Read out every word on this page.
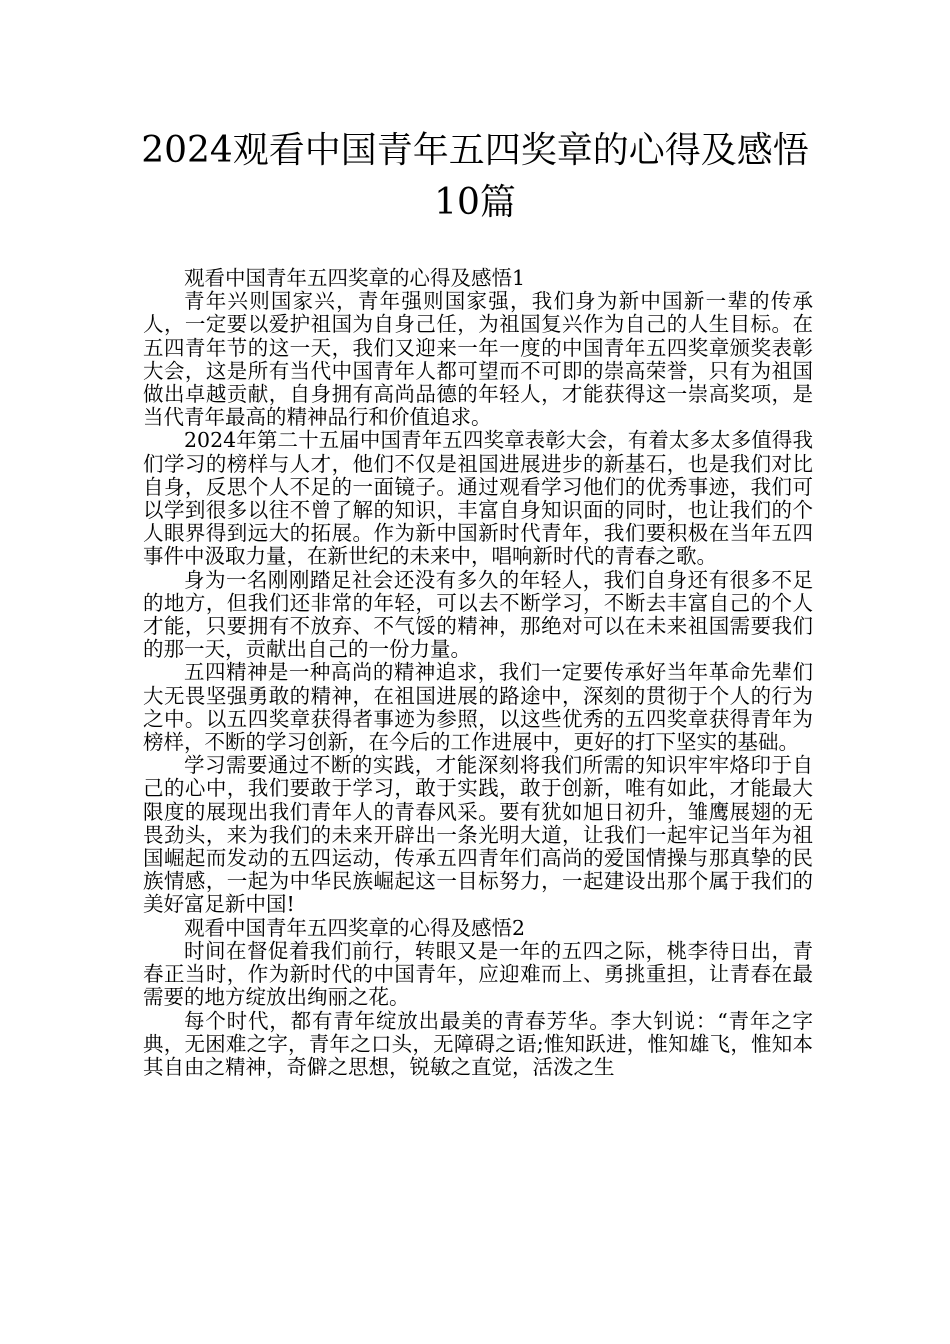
2024观看中国青年五四奖章的心得及感悟
10篇

观看中国青年五四奖章的心得及感悟1

青年兴则国家兴，青年强则国家强，我们身为新中国新一辈的传承人，一定要以爱护祖国为自身己任，为祖国复兴作为自己的人生目标。在五四青年节的这一天，我们又迎来一年一度的中国青年五四奖章颁奖表彰大会，这是所有当代中国青年人都可望而不可即的崇高荣誉，只有为祖国做出卓越贡献，自身拥有高尚品德的年轻人，才能获得这一崇高奖项，是当代青年最高的精神品行和价值追求。

2024年第二十五届中国青年五四奖章表彰大会，有着太多太多值得我们学习的榜样与人才，他们不仅是祖国进展进步的新基石，也是我们对比自身，反思个人不足的一面镜子。通过观看学习他们的优秀事迹，我们可以学到很多以往不曾了解的知识，丰富自身知识面的同时，也让我们的个人眼界得到远大的拓展。作为新中国新时代青年，我们要积极在当年五四事件中汲取力量，在新世纪的未来中，唱响新时代的青春之歌。

身为一名刚刚踏足社会还没有多久的年轻人，我们自身还有很多不足的地方，但我们还非常的年轻，可以去不断学习，不断去丰富自己的个人才能，只要拥有不放弃、不气馁的精神，那绝对可以在未来祖国需要我们的那一天，贡献出自己的一份力量。

五四精神是一种高尚的精神追求，我们一定要传承好当年革命先辈们大无畏坚强勇敢的精神，在祖国进展的路途中，深刻的贯彻于个人的行为之中。以五四奖章获得者事迹为参照，以这些优秀的五四奖章获得青年为榜样，不断的学习创新，在今后的工作进展中，更好的打下坚实的基础。

学习需要通过不断的实践，才能深刻将我们所需的知识牢牢烙印于自己的心中，我们要敢于学习，敢于实践，敢于创新，唯有如此，才能最大限度的展现出我们青年人的青春风采。要有犹如旭日初升，雏鹰展翅的无畏劲头，来为我们的未来开辟出一条光明大道，让我们一起牢记当年为祖国崛起而发动的五四运动，传承五四青年们高尚的爱国情操与那真挚的民族情感，一起为中华民族崛起这一目标努力，一起建设出那个属于我们的美好富足新中国!

观看中国青年五四奖章的心得及感悟2

时间在督促着我们前行，转眼又是一年的五四之际，桃李待日出，青春正当时，作为新时代的中国青年，应迎难而上、勇挑重担，让青春在最需要的地方绽放出绚丽之花。

每个时代，都有青年绽放出最美的青春芳华。李大钊说：“青年之字典，无困难之字，青年之口头，无障碍之语;惟知跃进，惟知雄飞，惟知本其自由之精神，奇僻之思想，锐敏之直觉，活泼之生
